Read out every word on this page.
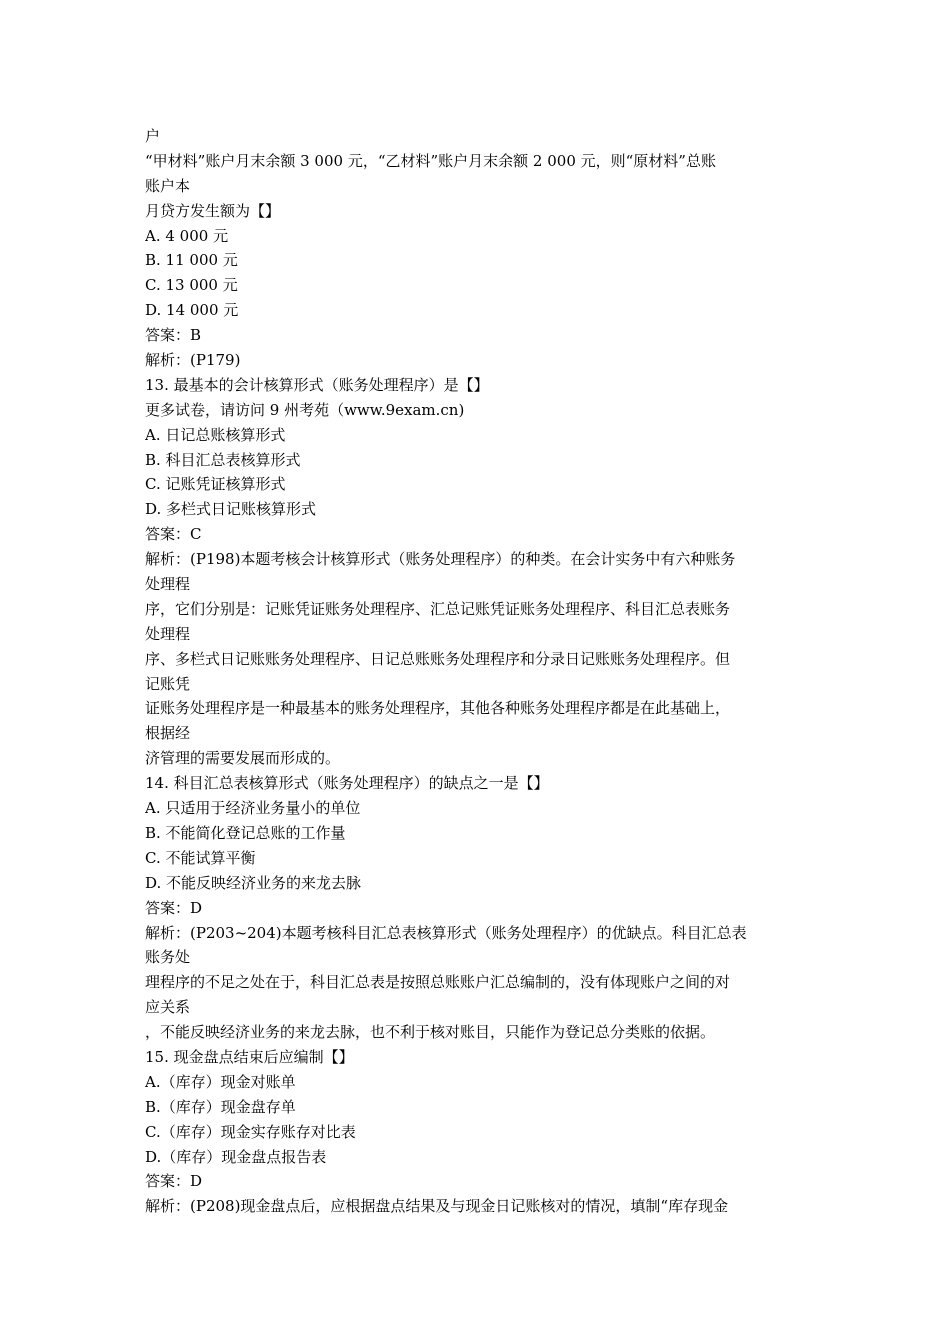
户
“甲材料”账户月末余额 3 000 元，“乙材料”账户月末余额 2 000 元，则“原材料”总账
账户本
月贷方发生额为【】
A. 4 000 元
B. 11 000 元
C. 13 000 元
D. 14 000 元
答案：B
解析：(P179)
13. 最基本的会计核算形式（账务处理程序）是【】
更多试卷，请访问 9 州考苑（www.9exam.cn)
A. 日记总账核算形式
B. 科目汇总表核算形式
C. 记账凭证核算形式
D. 多栏式日记账核算形式
答案：C
解析：(P198)本题考核会计核算形式（账务处理程序）的种类。在会计实务中有六种账务
处理程
序，它们分别是：记账凭证账务处理程序、汇总记账凭证账务处理程序、科目汇总表账务
处理程
序、多栏式日记账账务处理程序、日记总账账务处理程序和分录日记账账务处理程序。但
记账凭
证账务处理程序是一种最基本的账务处理程序，其他各种账务处理程序都是在此基础上，
根据经
济管理的需要发展而形成的。
14. 科目汇总表核算形式（账务处理程序）的缺点之一是【】
A. 只适用于经济业务量小的单位
B. 不能简化登记总账的工作量
C. 不能试算平衡
D. 不能反映经济业务的来龙去脉
答案：D
解析：(P203~204)本题考核科目汇总表核算形式（账务处理程序）的优缺点。科目汇总表
账务处
理程序的不足之处在于，科目汇总表是按照总账账户汇总编制的，没有体现账户之间的对
应关系
，不能反映经济业务的来龙去脉，也不利于核对账目，只能作为登记总分类账的依据。
15. 现金盘点结束后应编制【】
A.（库存）现金对账单
B.（库存）现金盘存单
C.（库存）现金实存账存对比表
D.（库存）现金盘点报告表
答案：D
解析：(P208)现金盘点后，应根据盘点结果及与现金日记账核对的情况，填制“库存现金
